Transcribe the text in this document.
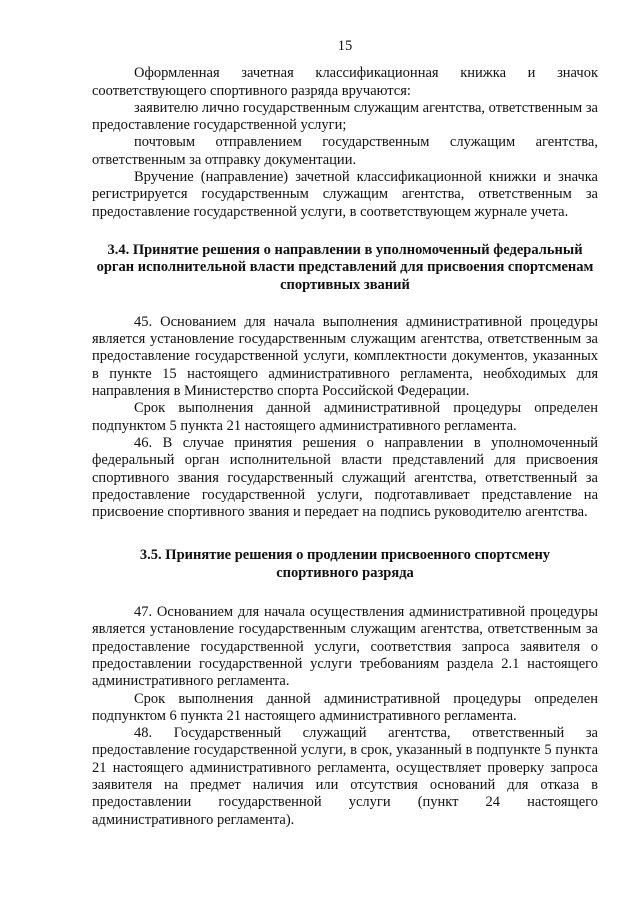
15

Оформленная зачетная классификационная книжка и значок соответствующего спортивного разряда вручаются:

заявителю лично государственным служащим агентства, ответственным за предоставление государственной услуги;

почтовым отправлением государственным служащим агентства, ответственным за отправку документации.

Вручение (направление) зачетной классификационной книжки и значка регистрируется государственным служащим агентства, ответственным за предоставление государственной услуги, в соответствующем журнале учета.

3.4. Принятие решения о направлении в уполномоченный федеральный орган исполнительной власти представлений для присвоения спортсменам спортивных званий

45. Основанием для начала выполнения административной процедуры является установление государственным служащим агентства, ответственным за предоставление государственной услуги, комплектности документов, указанных в пункте 15 настоящего административного регламента, необходимых для направления в Министерство спорта Российской Федерации.

Срок выполнения данной административной процедуры определен подпунктом 5 пункта 21 настоящего административного регламента.

46. В случае принятия решения о направлении в уполномоченный федеральный орган исполнительной власти представлений для присвоения спортивного звания государственный служащий агентства, ответственный за предоставление государственной услуги, подготавливает представление на присвоение спортивного звания и передает на подпись руководителю агентства.

3.5. Принятие решения о продлении присвоенного спортсмену спортивного разряда

47. Основанием для начала осуществления административной процедуры является установление государственным служащим агентства, ответственным за предоставление государственной услуги, соответствия запроса заявителя о предоставлении государственной услуги требованиям раздела 2.1 настоящего административного регламента.

Срок выполнения данной административной процедуры определен подпунктом 6 пункта 21 настоящего административного регламента.

48. Государственный служащий агентства, ответственный за предоставление государственной услуги, в срок, указанный в подпункте 5 пункта 21 настоящего административного регламента, осуществляет проверку запроса заявителя на предмет наличия или отсутствия оснований для отказа в предоставлении государственной услуги (пункт 24 настоящего административного регламента).
